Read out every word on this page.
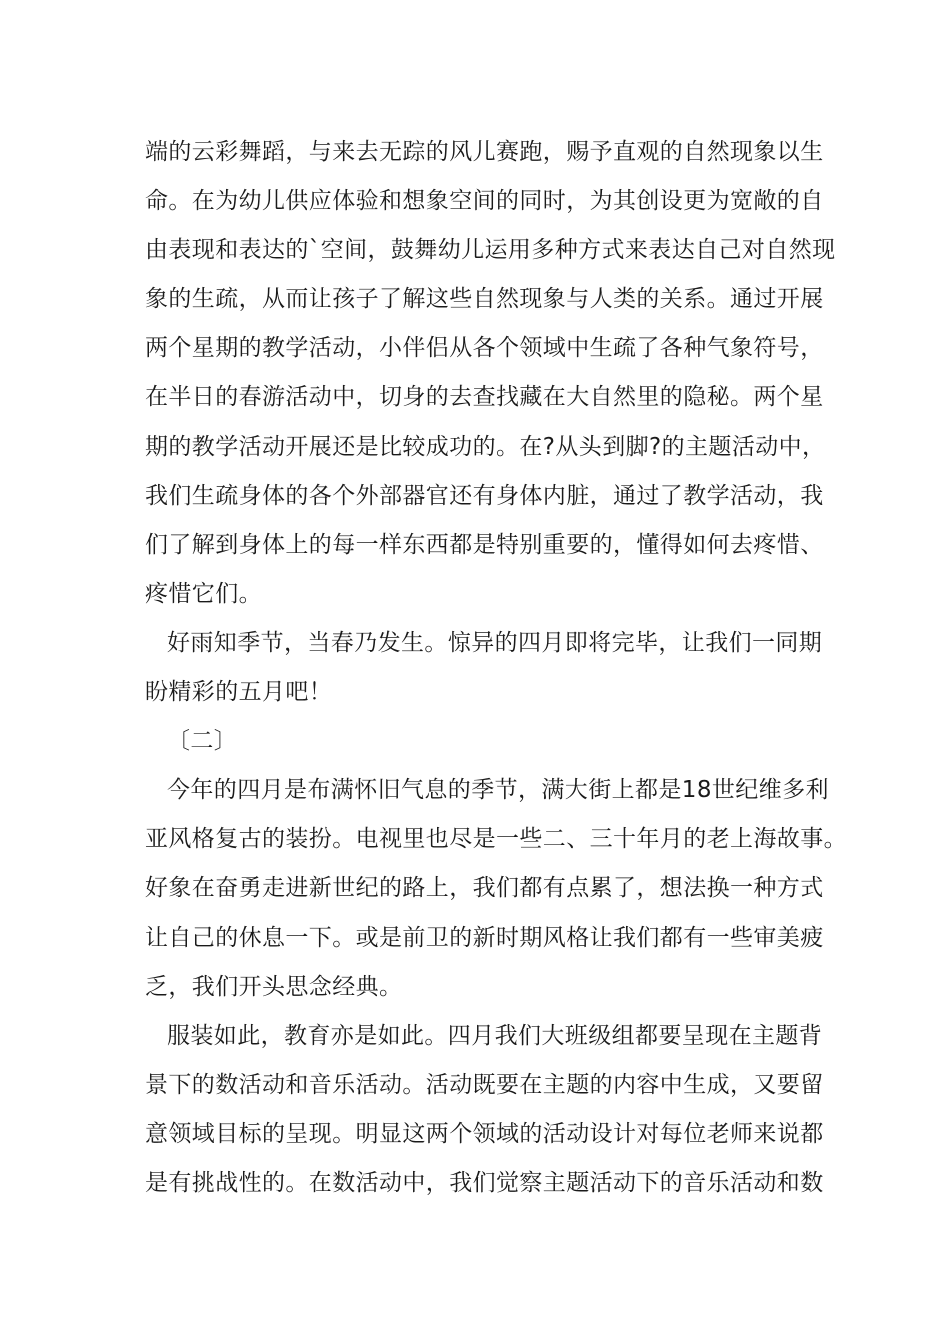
端的云彩舞蹈，与来去无踪的风儿赛跑，赐予直观的自然现象以生
命。在为幼儿供应体验和想象空间的同时，为其创设更为宽敞的自
由表现和表达的`空间，鼓舞幼儿运用多种方式来表达自己对自然现
象的生疏，从而让孩子了解这些自然现象与人类的关系。通过开展
两个星期的教学活动，小伴侣从各个领域中生疏了各种气象符号，
在半日的春游活动中，切身的去查找藏在大自然里的隐秘。两个星
期的教学活动开展还是比较成功的。在?从头到脚?的主题活动中，
我们生疏身体的各个外部器官还有身体内脏，通过了教学活动，我
们了解到身体上的每一样东西都是特别重要的，懂得如何去疼惜、
疼惜它们。
好雨知季节，当春乃发生。惊异的四月即将完毕，让我们一同期
盼精彩的五月吧！
〔二〕
今年的四月是布满怀旧气息的季节，满大街上都是18世纪维多利
亚风格复古的装扮。电视里也尽是一些二、三十年月的老上海故事。
好象在奋勇走进新世纪的路上，我们都有点累了，想法换一种方式
让自己的休息一下。或是前卫的新时期风格让我们都有一些审美疲
乏，我们开头思念经典。
服装如此，教育亦是如此。四月我们大班级组都要呈现在主题背
景下的数活动和音乐活动。活动既要在主题的内容中生成，又要留
意领域目标的呈现。明显这两个领域的活动设计对每位老师来说都
是有挑战性的。在数活动中，我们觉察主题活动下的音乐活动和数
